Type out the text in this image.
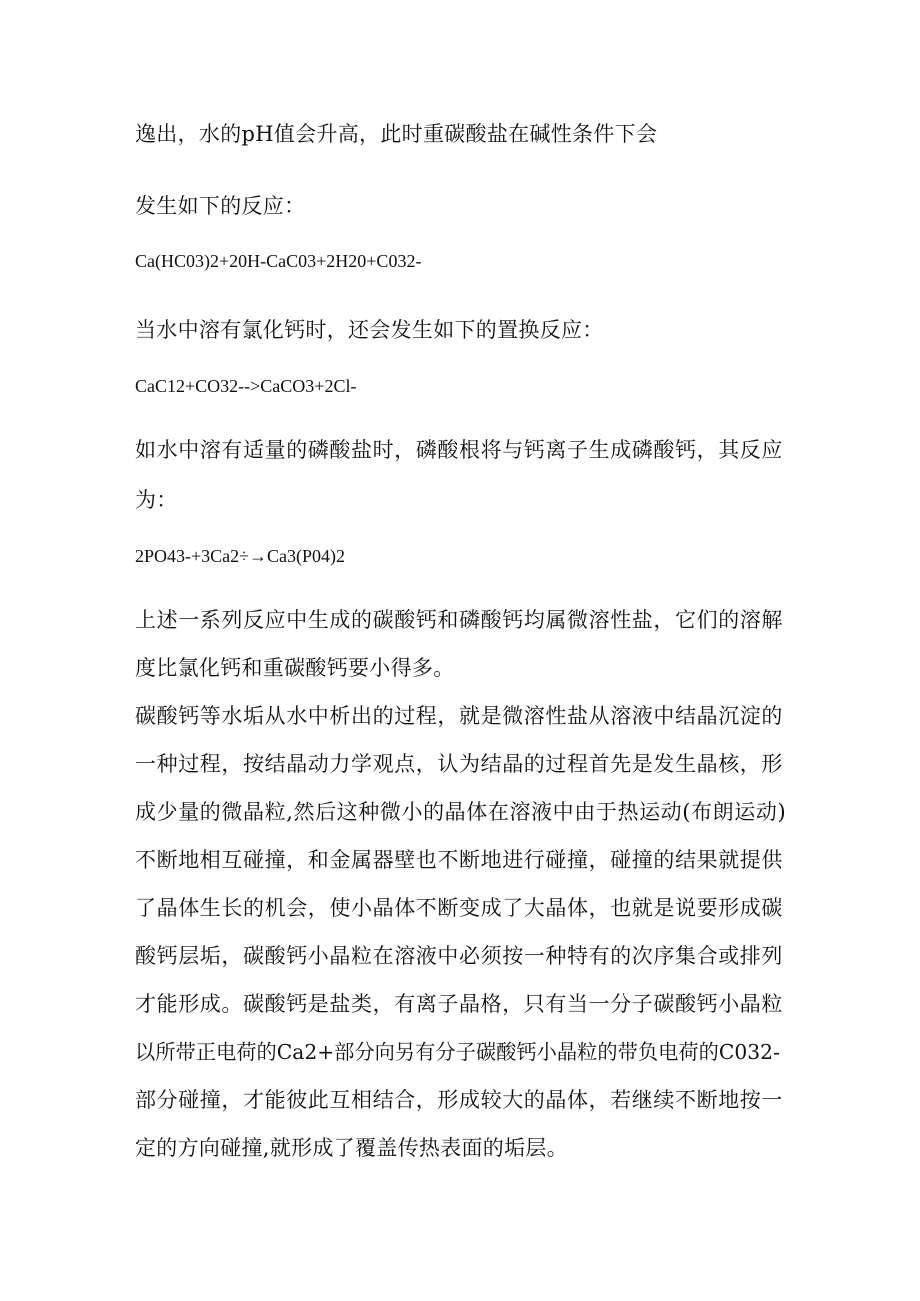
逸出，水的pH值会升高，此时重碳酸盐在碱性条件下会
发生如下的反应：
Ca(HC03)2+20H-CaC03+2H20+C032-
当水中溶有氯化钙时，还会发生如下的置换反应：
CaC12+CO32-->CaCO3+2Cl-
如水中溶有适量的磷酸盐时，磷酸根将与钙离子生成磷酸钙，其反应
为：
2PO43-+3Ca2÷→Ca3(P04)2
上述一系列反应中生成的碳酸钙和磷酸钙均属微溶性盐，它们的溶解
度比氯化钙和重碳酸钙要小得多。
碳酸钙等水垢从水中析出的过程，就是微溶性盐从溶液中结晶沉淀的
一种过程，按结晶动力学观点，认为结晶的过程首先是发生晶核，形
成少量的微晶粒,然后这种微小的晶体在溶液中由于热运动(布朗运动)
不断地相互碰撞，和金属器壁也不断地进行碰撞，碰撞的结果就提供
了晶体生长的机会，使小晶体不断变成了大晶体，也就是说要形成碳
酸钙层垢，碳酸钙小晶粒在溶液中必须按一种特有的次序集合或排列
才能形成。碳酸钙是盐类，有离子晶格，只有当一分子碳酸钙小晶粒
以所带正电荷的Ca2+部分向另有分子碳酸钙小晶粒的带负电荷的C032-
部分碰撞，才能彼此互相结合，形成较大的晶体，若继续不断地按一
定的方向碰撞,就形成了覆盖传热表面的垢层。
